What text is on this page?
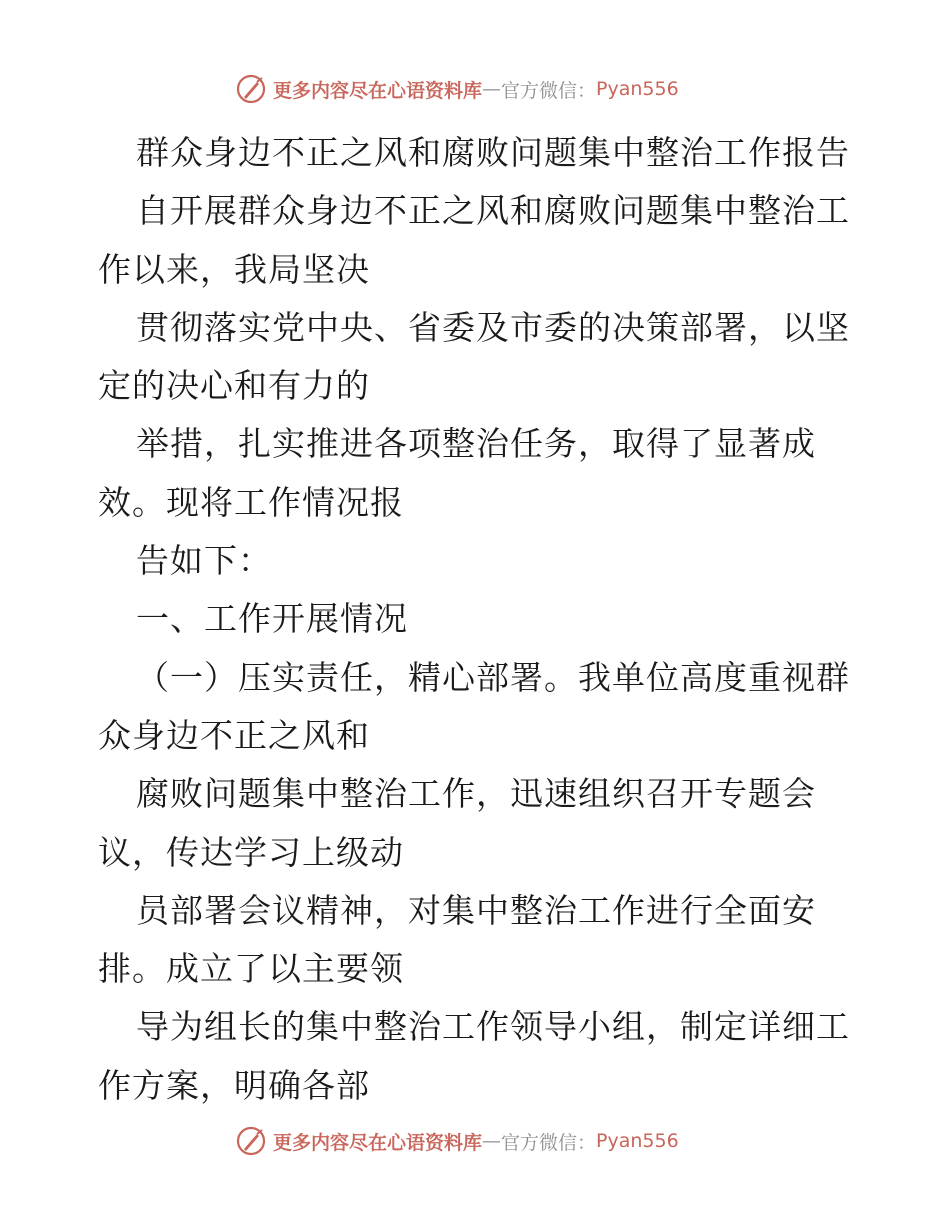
更多内容尽在心语资料库 — 官方微信： Pyan556
群众身边不正之风和腐败问题集中整治工作报告
自开展群众身边不正之风和腐败问题集中整治工
作以来，我局坚决
贯彻落实党中央、省委及市委的决策部署，以坚
定的决心和有力的
举措，扎实推进各项整治任务，取得了显著成
效。现将工作情况报
告如下：
一、工作开展情况
（一）压实责任，精心部署。我单位高度重视群
众身边不正之风和
腐败问题集中整治工作，迅速组织召开专题会
议，传达学习上级动
员部署会议精神，对集中整治工作进行全面安
排。成立了以主要领
导为组长的集中整治工作领导小组，制定详细工
作方案，明确各部
更多内容尽在心语资料库 — 官方微信： Pyan556
